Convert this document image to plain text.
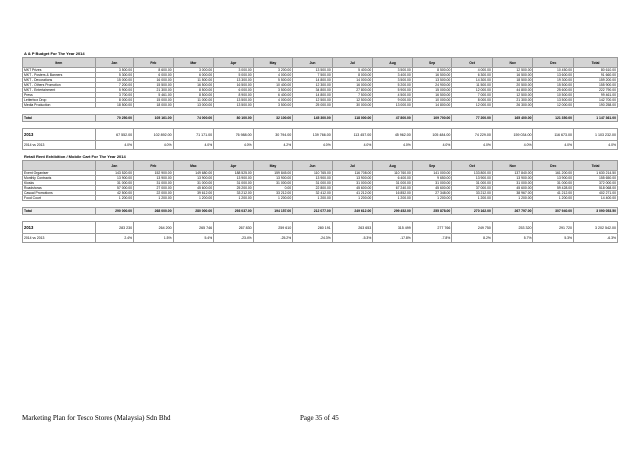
A & P Budget For The Year 2014
Item	Jan	Feb	Mar	Apr	May	Jun	Jul	Aug	Sep	Oct	Nov	Dec	Total
MKT Prizes	3 500.00	8 600.00	3 000.00	3 000.00	3 200.00	13 500.00	5 400.00	3 500.00	8 500.00	4 000.00	12 500.00	10 450.00	80 610.00
MKT - Posters & Banners	5 300.00	6 000.00	6 000.00	5 000.00	4 000.00	7 500.00	8 000.00	3 400.00	16 500.00	6 300.00	16 500.00	13 600.00	91 660.00
MKT - Decorations	15 000.00	16 000.00	11 500.00	13 300.00	5 500.00	14 800.00	14 000.00	3 500.00	13 500.00	14 300.00	18 500.00	19 300.00	159 200.00
MKT - Others Promotion	7 200.00	15 500.00	16 500.00	16 500.00	10 400.00	12 300.00	16 000.00	5 200.00	24 900.00	11 500.00	20 500.00	15 500.00	155 900.00
MKT - Entertainment	5 900.00	21 300.00	8 500.00	6 000.00	3 500.00	34 800.00	27 800.00	5 900.00	15 000.00	12 000.00	44 800.00	25 600.00	222 790.00
Press	3 700.00	5 461.00	8 500.00	8 900.00	6 400.00	14 800.00	7 500.00	4 500.00	16 500.00	7 000.00	12 500.00	10 500.00	99 461.00
Letterbox Drop	8 000.00	15 000.00	11 000.00	13 500.00	4 000.00	12 500.00	12 500.00	9 000.00	10 000.00	8 000.00	21 300.00	13 500.00	142 700.00
Media Production	18 500.00	18 000.00	13 000.00	13 500.00	3 500.00	25 000.00	30 000.00	13 000.00	14 800.00	12 000.00	26 300.00	12 000.00	190 258.00

Total	70 250.00	105 161.00	74 000.00	80 100.00	32 100.00	145 300.00	118 000.00	47 800.00	109 700.00	77 200.00	165 400.00	121 350.00	1 147 361.00

2013	67 552.00	102 892.00	71 171.00	76 988.00	30 794.00	139 766.00	113 457.00	45 962.00	105 484.00	74 229.00	159 034.00	116 673.00	1 103 232.00
2014 vs 2013	4.0%	4.0%	4.0%	4.0%	4.2%	4.0%	4.0%	4.0%	4.0%	4.0%	4.0%	4.0%	4.0%
Retail Rent Exhibition / Mobile Cart For The Year 2014
	Jan	Feb	Mac	Apr	May	Jun	Jul	Aug	Sep	Oct	Nov	Dec	Total
Event Organiser	143 520.00	152 900.00	149 680.00	188 525.00	159 845.00	110 765.00	116 708.00	110 760.00	141 000.00	133 800.00	137 840.00	161 200.00	1 630 214.50
Monthly Contracts	13 900.00	13 900.00	13 900.00	13 900.00	13 900.00	13 900.00	13 900.00	6 400.00	9 650.00	13 900.00	13 900.00	13 900.00	155 650.00
Kiosks	31 000.00	31 000.00	31 000.00	31 000.00	31 000.00	31 000.00	31 000.00	31 000.00	31 000.00	31 000.00	31 000.00	31 000.00	372 000.00
Roadshows	57 000.00	27 000.00	45 600.00	25 200.00	0.00	22 800.00	45 600.00	67 240.00	45 600.00	37 000.00	45 600.00	59 428.00	518 068.00
Casual Promotions	42 500.00	22 000.00	39 612.00	33 212.00	33 212.00	32 412.00	41 212.00	16 852.00	27 348.00	33 212.00	38 967.00	41 212.00	402 271.00
Food Court	1 200.00	1 200.00	1 200.00	1 200.00	1 200.00	1 200.00	1 200.00	1 200.00	1 200.00	1 200.00	1 200.00	1 200.00	14 400.00

Total	290 000.00	268 000.00	280 000.00	293 037.00	194 157.00	212 077.00	249 612.00	299 452.00	255 878.00	270 162.00	267 797.00	307 940.00	3 090 053.50

2013	283 230	264 200	265 746	267 830	259 610	280 191	263 653	315 499	277 766	249 750	253 320	291 720	3 202 542.00
2014 vs 2013	2.4%	1.5%	5.4%	-23.4%	-25.2%	-24.3%	-5.3%	-17.8%	-7.8%	8.2%	5.7%	5.3%	-6.3%
Marketing Plan for Tesco Stores (Malaysia) Sdn Bhd	Page 35 of 45
